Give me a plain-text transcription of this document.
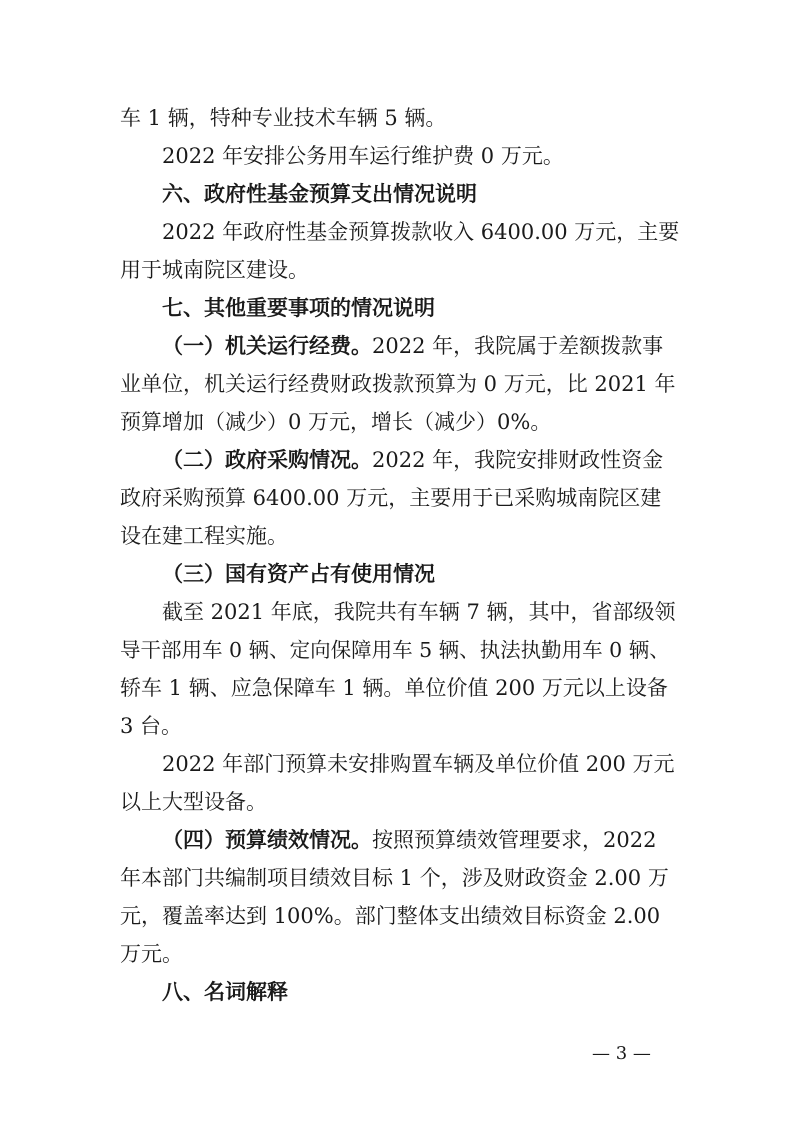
车 1 辆，特种专业技术车辆 5 辆。
2022 年安排公务用车运行维护费 0 万元。
六、政府性基金预算支出情况说明
2022 年政府性基金预算拨款收入 6400.00 万元，主要
用于城南院区建设。
七、其他重要事项的情况说明
（一）机关运行经费。2022 年，我院属于差额拨款事
业单位，机关运行经费财政拨款预算为 0 万元，比 2021 年
预算增加（减少）0 万元，增长（减少）0%。
（二）政府采购情况。2022 年，我院安排财政性资金
政府采购预算 6400.00 万元，主要用于已采购城南院区建
设在建工程实施。
（三）国有资产占有使用情况
截至 2021 年底，我院共有车辆 7 辆，其中，省部级领
导干部用车 0 辆、定向保障用车 5 辆、执法执勤用车 0 辆、
轿车 1 辆、应急保障车 1 辆。单位价值 200 万元以上设备
3 台。
2022 年部门预算未安排购置车辆及单位价值 200 万元
以上大型设备。
（四）预算绩效情况。按照预算绩效管理要求，2022
年本部门共编制项目绩效目标 1 个，涉及财政资金 2.00 万
元，覆盖率达到 100%。部门整体支出绩效目标资金 2.00
万元。
八、名词解释
— 3 —
